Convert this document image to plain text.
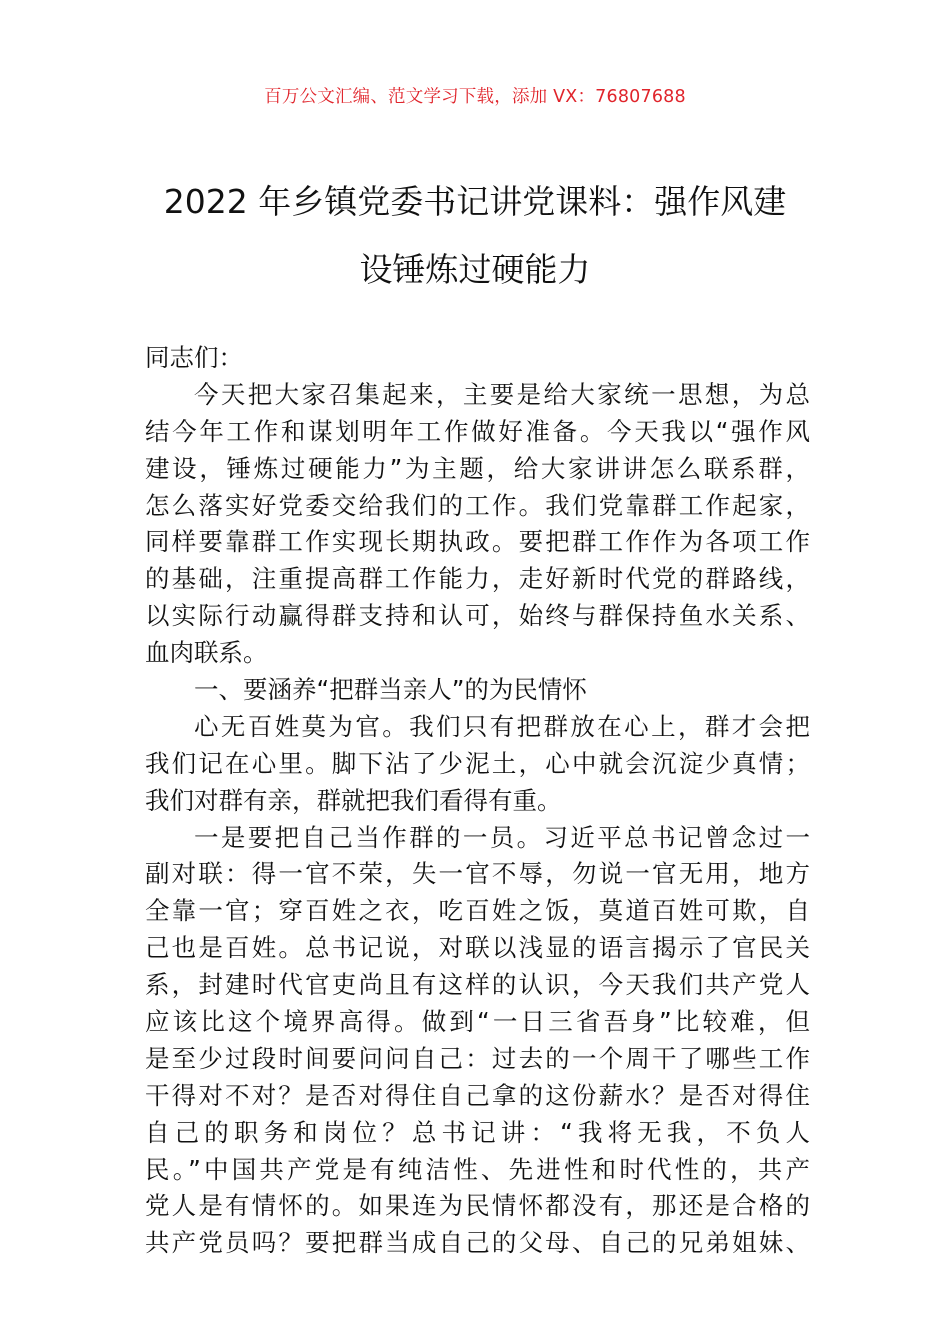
百万公文汇编、范文学习下载，添加 VX：76807688
2022 年乡镇党委书记讲党课料：强作风建
设锤炼过硬能力
同志们：
今天把大家召集起来，主要是给大家统一思想，为总
结今年工作和谋划明年工作做好准备。今天我以“强作风
建设，锤炼过硬能力”为主题，给大家讲讲怎么联系群，
怎么落实好党委交给我们的工作。我们党靠群工作起家，
同样要靠群工作实现长期执政。要把群工作作为各项工作
的基础，注重提高群工作能力，走好新时代党的群路线，
以实际行动赢得群支持和认可，始终与群保持鱼水关系、
血肉联系。
一、要涵养“把群当亲人”的为民情怀
心无百姓莫为官。我们只有把群放在心上，群才会把
我们记在心里。脚下沾了少泥土，心中就会沉淀少真情；
我们对群有亲，群就把我们看得有重。
一是要把自己当作群的一员。习近平总书记曾念过一
副对联：得一官不荣，失一官不辱，勿说一官无用，地方
全靠一官；穿百姓之衣，吃百姓之饭，莫道百姓可欺，自
己也是百姓。总书记说，对联以浅显的语言揭示了官民关
系，封建时代官吏尚且有这样的认识，今天我们共产党人
应该比这个境界高得。做到“一日三省吾身”比较难，但
是至少过段时间要问问自己：过去的一个周干了哪些工作
干得对不对？是否对得住自己拿的这份薪水？是否对得住
自己的职务和岗位？总书记讲：“我将无我，不负人
民。”中国共产党是有纯洁性、先进性和时代性的，共产
党人是有情怀的。如果连为民情怀都没有，那还是合格的
共产党员吗？要把群当成自己的父母、自己的兄弟姐妹、
